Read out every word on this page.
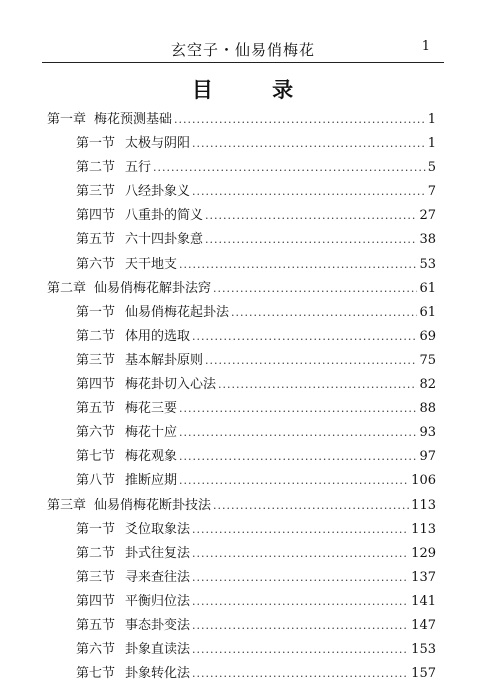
玄空子・仙易俏梅花	1
目 录
第一章 梅花预测基础 .....	1
第一节 太极与阴阳 .....	1
第二节 五行 .....	5
第三节 八经卦象义 .....	7
第四节 八重卦的简义 .....	27
第五节 六十四卦象意 .....	38
第六节 天干地支 .....	53
第二章 仙易俏梅花解卦法窍 .....	61
第一节 仙易俏梅花起卦法 .....	61
第二节 体用的选取 .....	69
第三节 基本解卦原则 .....	75
第四节 梅花卦切入心法 .....	82
第五节 梅花三要 .....	88
第六节 梅花十应 .....	93
第七节 梅花观象 .....	97
第八节 推断应期 .....	106
第三章 仙易俏梅花断卦技法 .....	113
第一节 爻位取象法 .....	113
第二节 卦式往复法 .....	129
第三节 寻来查往法 .....	137
第四节 平衡归位法 .....	141
第五节 事态卦变法 .....	147
第六节 卦象直读法 .....	153
第七节 卦象转化法 .....	157
